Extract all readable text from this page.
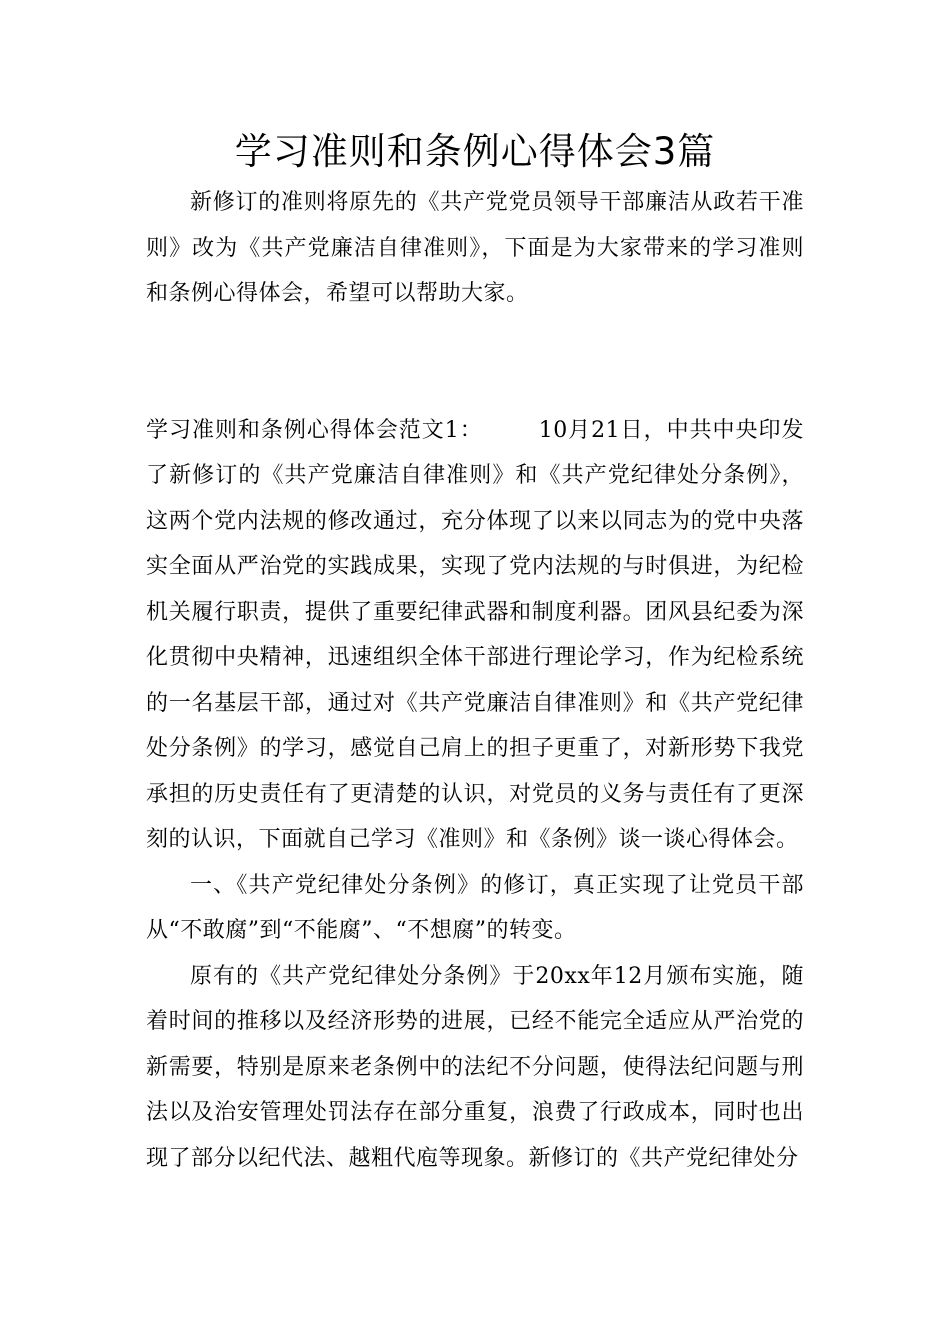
学习准则和条例心得体会3篇

新修订的准则将原先的《共产党党员领导干部廉洁从政若干准则》改为《共产党廉洁自律准则》，下面是为大家带来的学习准则和条例心得体会，希望可以帮助大家。

学习准则和条例心得体会范文1：	10月21日，中共中央印发了新修订的《共产党廉洁自律准则》和《共产党纪律处分条例》，这两个党内法规的修改通过，充分体现了以来以同志为的党中央落实全面从严治党的实践成果，实现了党内法规的与时俱进，为纪检机关履行职责，提供了重要纪律武器和制度利器。团风县纪委为深化贯彻中央精神，迅速组织全体干部进行理论学习，作为纪检系统的一名基层干部，通过对《共产党廉洁自律准则》和《共产党纪律处分条例》的学习，感觉自己肩上的担子更重了，对新形势下我党承担的历史责任有了更清楚的认识，对党员的义务与责任有了更深刻的认识，下面就自己学习《准则》和《条例》谈一谈心得体会。

一、《共产党纪律处分条例》的修订，真正实现了让党员干部从“不敢腐”到“不能腐”、“不想腐”的转变。

原有的《共产党纪律处分条例》于20xx年12月颁布实施，随着时间的推移以及经济形势的进展，已经不能完全适应从严治党的新需要，特别是原来老条例中的法纪不分问题，使得法纪问题与刑法以及治安管理处罚法存在部分重复，浪费了行政成本，同时也出现了部分以纪代法、越粗代庖等现象。新修订的《共产党纪律处分
